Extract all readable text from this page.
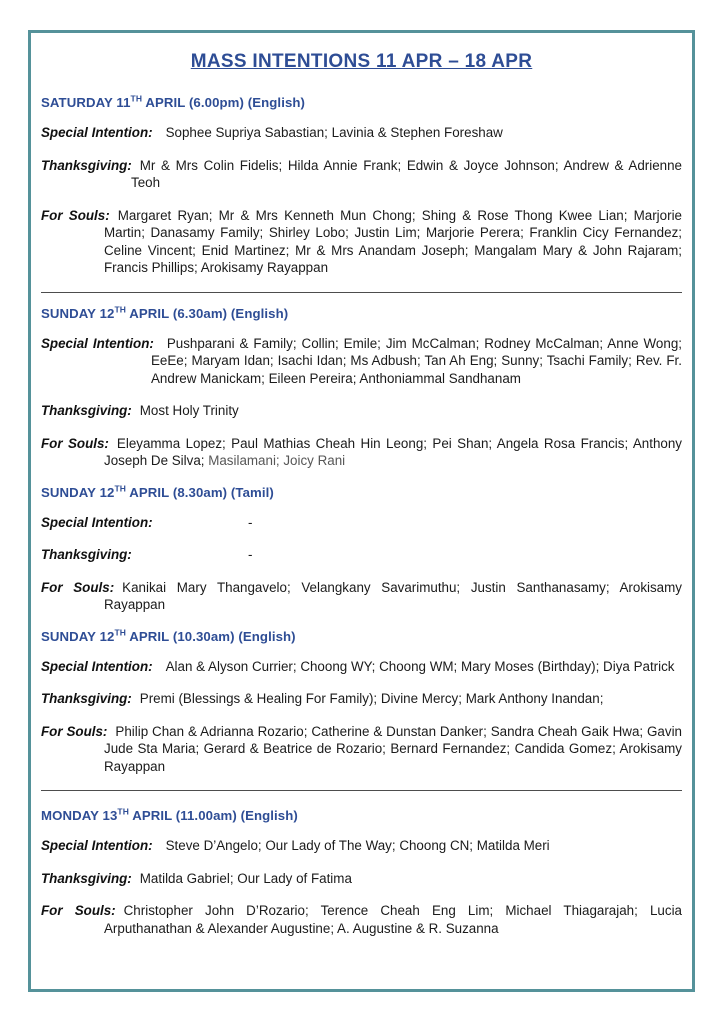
MASS INTENTIONS 11 APR – 18 APR
SATURDAY 11TH APRIL (6.00pm) (English)

Special Intention: Sophee Supriya Sabastian; Lavinia & Stephen Foreshaw

Thanksgiving: Mr & Mrs Colin Fidelis; Hilda Annie Frank; Edwin & Joyce Johnson; Andrew & Adrienne Teoh

For Souls: Margaret Ryan; Mr & Mrs Kenneth Mun Chong; Shing & Rose Thong Kwee Lian; Marjorie Martin; Danasamy Family; Shirley Lobo; Justin Lim; Marjorie Perera; Franklin Cicy Fernandez; Celine Vincent; Enid Martinez; Mr & Mrs Anandam Joseph; Mangalam Mary & John Rajaram; Francis Phillips; Arokisamy Rayappan

SUNDAY 12TH APRIL (6.30am) (English)

Special Intention: Pushparani & Family; Collin; Emile; Jim McCalman; Rodney McCalman; Anne Wong; EeEe; Maryam Idan; Isachi Idan; Ms Adbush; Tan Ah Eng; Sunny; Tsachi Family; Rev. Fr. Andrew Manickam; Eileen Pereira; Anthoniammal Sandhanam

Thanksgiving: Most Holy Trinity

For Souls: Eleyamma Lopez; Paul Mathias Cheah Hin Leong; Pei Shan; Angela Rosa Francis; Anthony Joseph De Silva; Masilamani; Joicy Rani

SUNDAY 12TH APRIL (8.30am) (Tamil)

Special Intention:	-

Thanksgiving:	-

For Souls: Kanikai Mary Thangavelo; Velangkany Savarimuthu; Justin Santhanasamy; Arokisamy Rayappan

SUNDAY 12TH APRIL (10.30am) (English)

Special Intention: Alan & Alyson Currier; Choong WY; Choong WM; Mary Moses (Birthday); Diya Patrick

Thanksgiving: Premi (Blessings & Healing For Family); Divine Mercy; Mark Anthony Inandan;

For Souls: Philip Chan & Adrianna Rozario; Catherine & Dunstan Danker; Sandra Cheah Gaik Hwa; Gavin Jude Sta Maria; Gerard & Beatrice de Rozario; Bernard Fernandez; Candida Gomez; Arokisamy Rayappan

MONDAY 13TH APRIL (11.00am) (English)

Special Intention: Steve D’Angelo; Our Lady of The Way; Choong CN; Matilda Meri

Thanksgiving: Matilda Gabriel; Our Lady of Fatima

For Souls: Christopher John D’Rozario; Terence Cheah Eng Lim; Michael Thiagarajah; Lucia Arputhanathan & Alexander Augustine; A. Augustine & R. Suzanna
